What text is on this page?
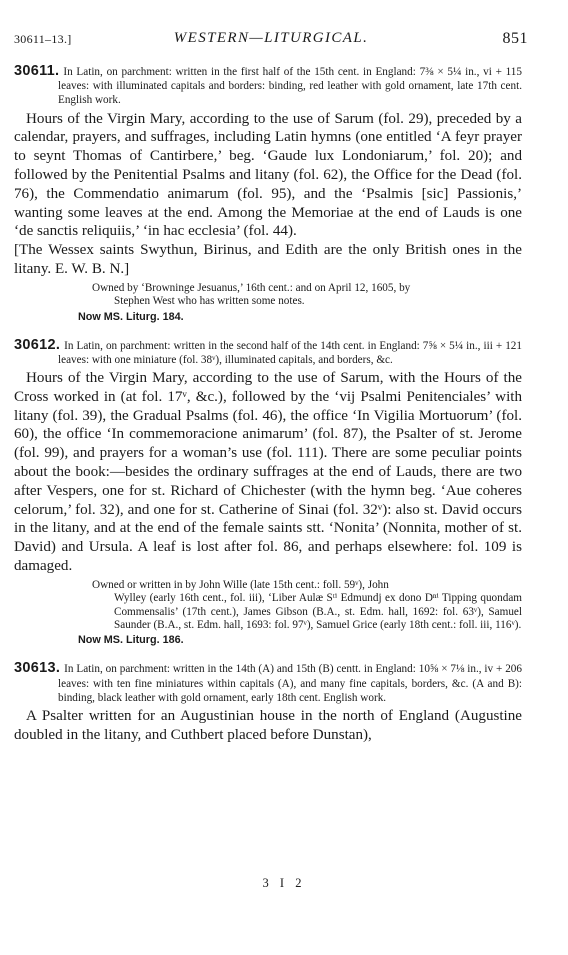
30611–13.]	WESTERN—LITURGICAL.	851

30611. In Latin, on parchment: written in the first half of the 15th cent. in England: 7⅜ × 5¼ in., vi + 115 leaves: with illuminated capitals and borders: binding, red leather with gold ornament, late 17th cent. English work.

Hours of the Virgin Mary, according to the use of Sarum (fol. 29), preceded by a calendar, prayers, and suffrages, including Latin hymns (one entitled ‘A feyr prayer to seynt Thomas of Cantirbere,’ beg. ‘Gaude lux Londoniarum,’ fol. 20); and followed by the Penitential Psalms and litany (fol. 62), the Office for the Dead (fol. 76), the Commendatio animarum (fol. 95), and the ‘Psalmis [sic] Passionis,’ wanting some leaves at the end. Among the Memoriae at the end of Lauds is one ‘de sanctis reliquiis,’ ‘in hac ecclesia’ (fol. 44).

[The Wessex saints Swythun, Birinus, and Edith are the only British ones in the litany. E. W. B. N.]

Owned by ‘Browninge Jesuanus,’ 16th cent.: and on April 12, 1605, by
Stephen West who has written some notes.

Now MS. Liturg. 184.

30612. In Latin, on parchment: written in the second half of the 14th cent. in England: 7⅝ × 5¼ in., iii + 121 leaves: with one miniature (fol. 38ᵛ), illuminated capitals, and borders, &c.

Hours of the Virgin Mary, according to the use of Sarum, with the Hours of the Cross worked in (at fol. 17ᵛ, &c.), followed by the ‘vij Psalmi Penitenciales’ with litany (fol. 39), the Gradual Psalms (fol. 46), the office ‘In Vigilia Mortuorum’ (fol. 60), the office ‘In commemoracione animarum’ (fol. 87), the Psalter of st. Jerome (fol. 99), and prayers for a woman’s use (fol. 111). There are some peculiar points about the book:—besides the ordinary suffrages at the end of Lauds, there are two after Vespers, one for st. Richard of Chichester (with the hymn beg. ‘Aue coheres celorum,’ fol. 32), and one for st. Catherine of Sinai (fol. 32ᵛ): also st. David occurs in the litany, and at the end of the female saints stt. ‘Nonita’ (Nonnita, mother of st. David) and Ursula. A leaf is lost after fol. 86, and perhaps elsewhere: fol. 109 is damaged.

Owned or written in by John Wille (late 15th cent.: foll. 59ᵛ), John
Wylley (early 16th cent., fol. iii), ‘Liber Aulæ Sᵗⁱ Edmundj ex dono Dⁿⁱ Tipping quondam Commensalis’ (17th cent.), James Gibson (B.A., st. Edm. hall, 1692: fol. 63ᵛ), Samuel Saunder (B.A., st. Edm. hall, 1693: fol. 97ᵛ), Samuel Grice (early 18th cent.: foll. iii, 116ᵛ).

Now MS. Liturg. 186.

30613. In Latin, on parchment: written in the 14th (A) and 15th (B) centt. in England: 10⅝ × 7⅛ in., iv + 206 leaves: with ten fine miniatures within capitals (A), and many fine capitals, borders, &c. (A and B): binding, black leather with gold ornament, early 18th cent. English work.

A Psalter written for an Augustinian house in the north of England (Augustine doubled in the litany, and Cuthbert placed before Dunstan),

3 I 2
